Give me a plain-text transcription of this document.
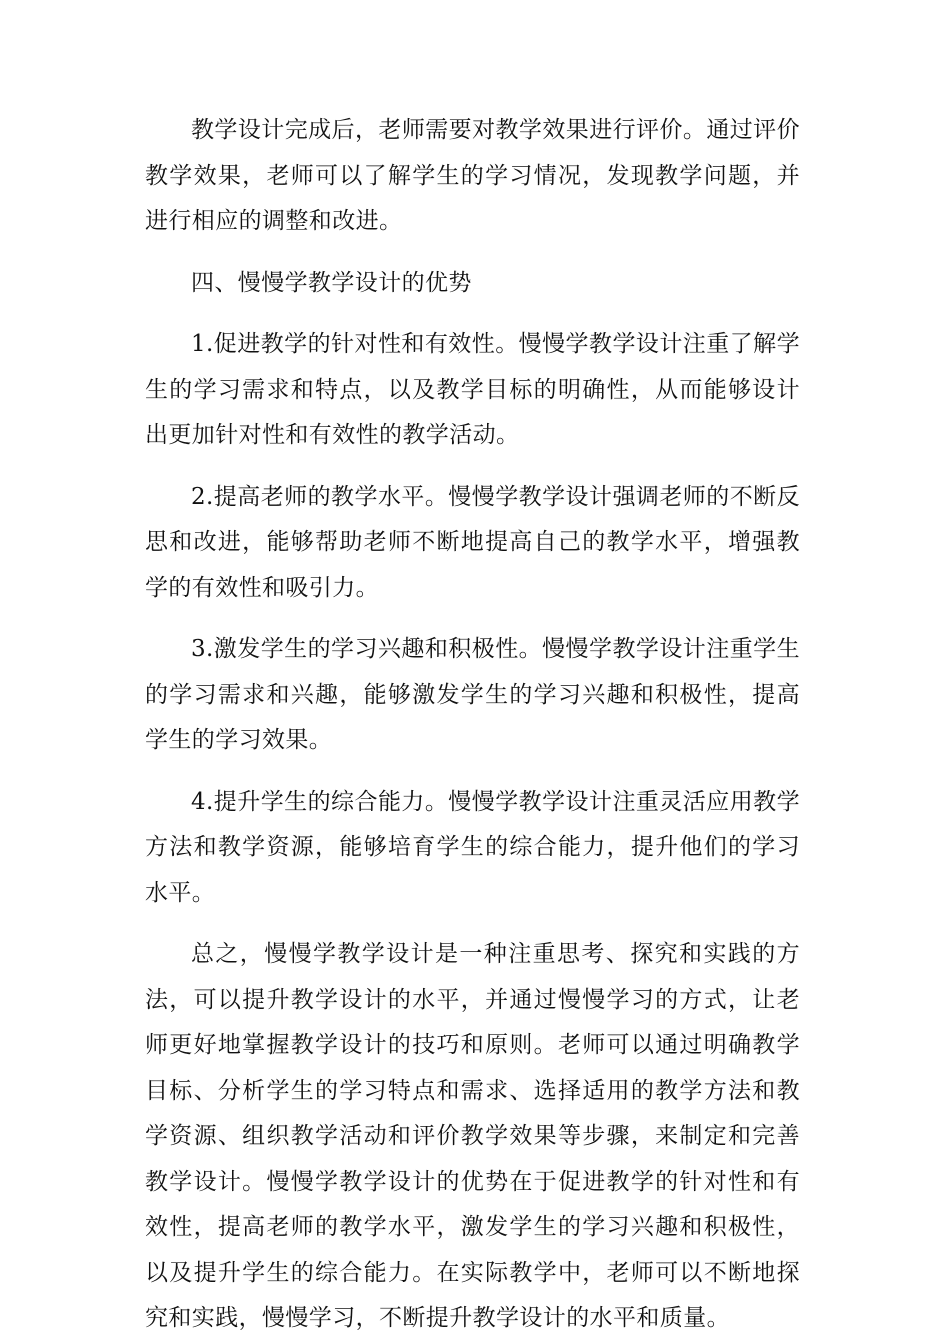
教学设计完成后，老师需要对教学效果进行评价。通过评价教学效果，老师可以了解学生的学习情况，发现教学问题，并进行相应的调整和改进。

四、慢慢学教学设计的优势

1.促进教学的针对性和有效性。慢慢学教学设计注重了解学生的学习需求和特点，以及教学目标的明确性，从而能够设计出更加针对性和有效性的教学活动。

2.提高老师的教学水平。慢慢学教学设计强调老师的不断反思和改进，能够帮助老师不断地提高自己的教学水平，增强教学的有效性和吸引力。

3.激发学生的学习兴趣和积极性。慢慢学教学设计注重学生的学习需求和兴趣，能够激发学生的学习兴趣和积极性，提高学生的学习效果。

4.提升学生的综合能力。慢慢学教学设计注重灵活应用教学方法和教学资源，能够培育学生的综合能力，提升他们的学习水平。

总之，慢慢学教学设计是一种注重思考、探究和实践的方法，可以提升教学设计的水平，并通过慢慢学习的方式，让老师更好地掌握教学设计的技巧和原则。老师可以通过明确教学目标、分析学生的学习特点和需求、选择适用的教学方法和教学资源、组织教学活动和评价教学效果等步骤，来制定和完善教学设计。慢慢学教学设计的优势在于促进教学的针对性和有效性，提高老师的教学水平，激发学生的学习兴趣和积极性，以及提升学生的综合能力。在实际教学中，老师可以不断地探究和实践，慢慢学习，不断提升教学设计的水平和质量。
